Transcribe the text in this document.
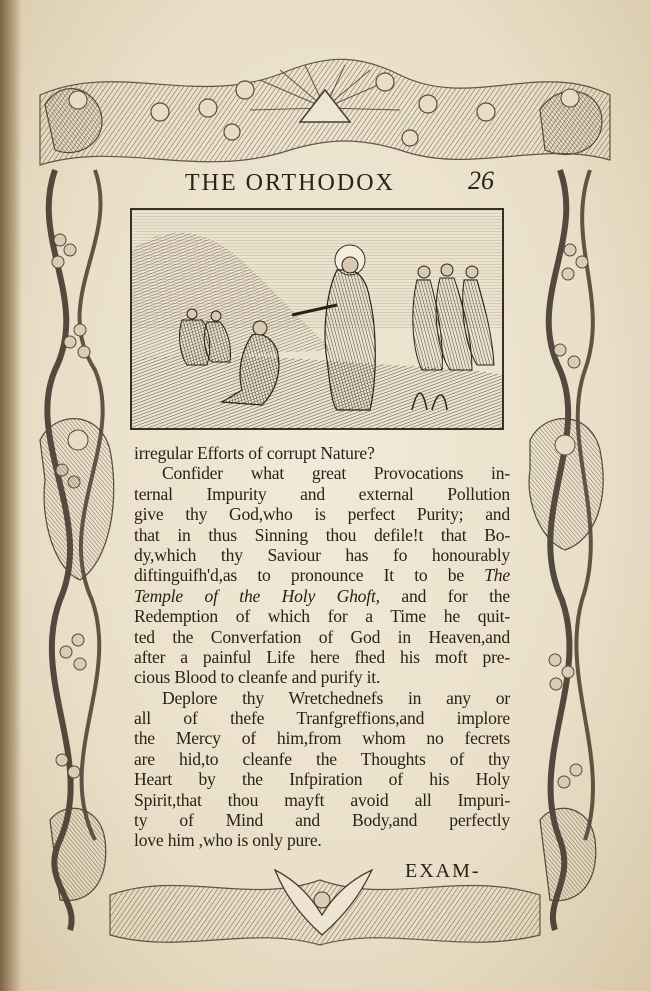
THE ORTHODOX	26
irregular Efforts of corrupt Nature?
Confider what great Provocations in-
ternal Impurity and external Pollution
give thy God,who is perfect Purity; and
that in thus Sinning thou defile!t that Bo-
dy,which thy Saviour has fo honourably
diftinguifh'd,as to pronounce It to be The
Temple of the Holy Ghoft, and for the
Redemption of which for a Time he quit-
ted the Converfation of God in Heaven,and
after a painful Life here fhed his moft pre-
cious Blood to cleanfe and purify it.
Deplore thy Wretchednefs in any or
all of thefe Tranfgreffions,and implore
the Mercy of him,from whom no fecrets
are hid,to cleanfe the Thoughts of thy
Heart by the Infpiration of his Holy
Spirit,that thou mayft avoid all Impuri-
ty of Mind and Body,and perfectly
love him ,who is only pure.
EXAM-
